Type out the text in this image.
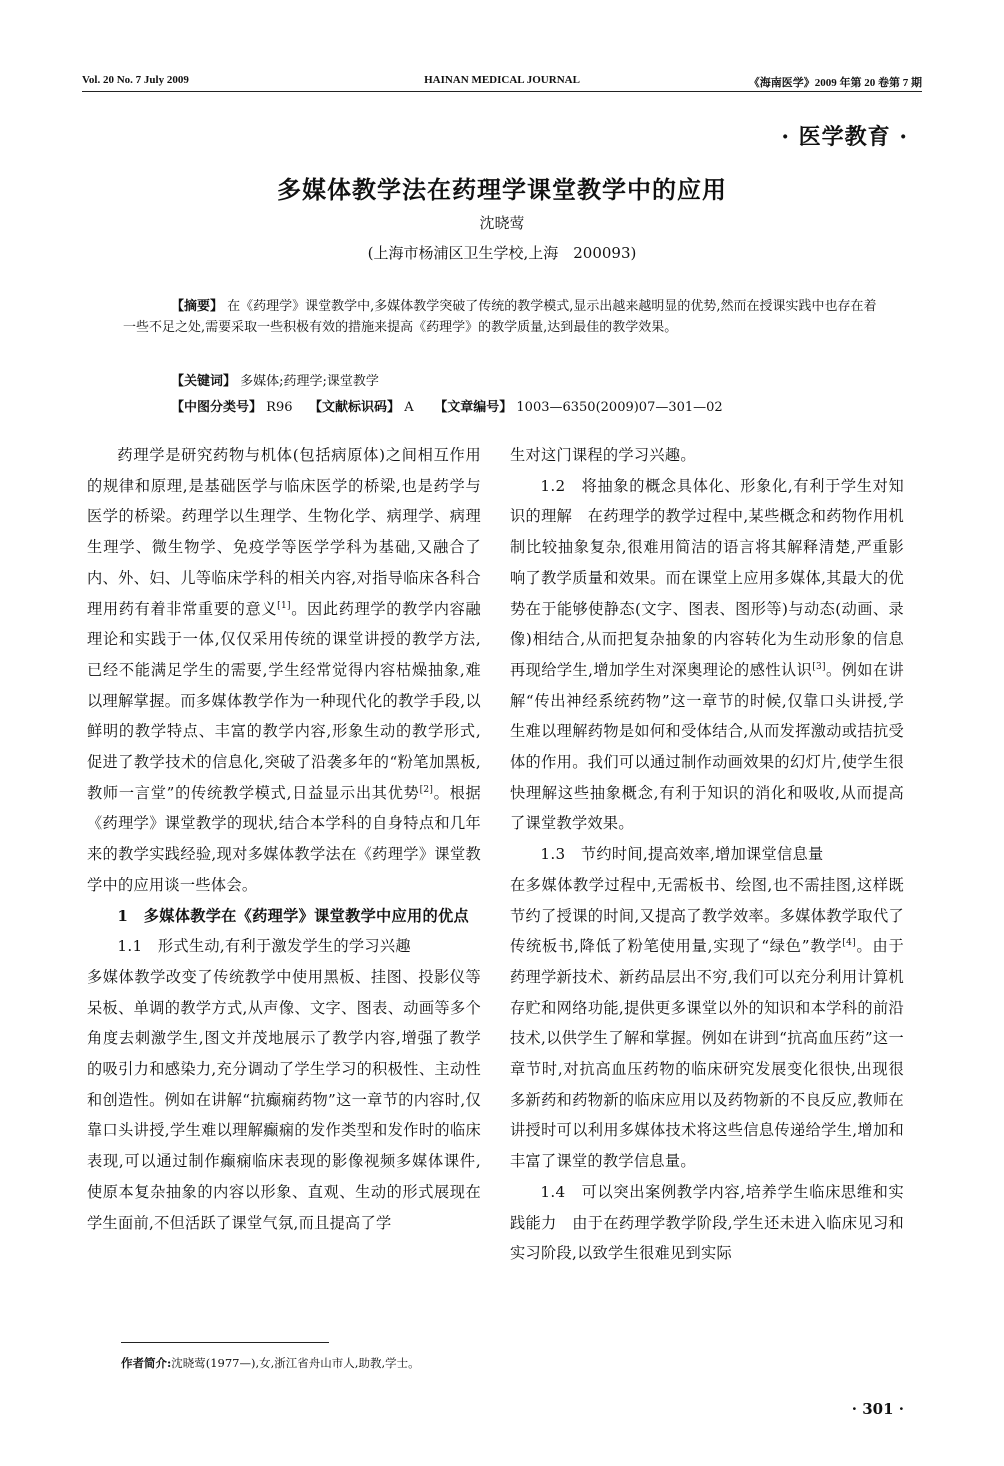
Vol. 20 No. 7 July 2009	HAINAN MEDICAL JOURNAL	《海南医学》2009 年第 20 卷第 7 期
· 医学教育 ·
多媒体教学法在药理学课堂教学中的应用
沈晓莺
(上海市杨浦区卫生学校,上海　200093)
【摘要】 在《药理学》课堂教学中,多媒体教学突破了传统的教学模式,显示出越来越明显的优势,然而在授课实践中也存在着一些不足之处,需要采取一些积极有效的措施来提高《药理学》的教学质量,达到最佳的教学效果。
【关键词】 多媒体;药理学;课堂教学
【中图分类号】 R96 【文献标识码】 A 【文章编号】 1003—6350(2009)07—301—02

药理学是研究药物与机体(包括病原体)之间相互作用的规律和原理,是基础医学与临床医学的桥梁,也是药学与医学的桥梁。药理学以生理学、生物化学、病理学、病理生理学、微生物学、免疫学等医学学科为基础,又融合了内、外、妇、儿等临床学科的相关内容,对指导临床各科合理用药有着非常重要的意义[1]。因此药理学的教学内容融理论和实践于一体,仅仅采用传统的课堂讲授的教学方法,已经不能满足学生的需要,学生经常觉得内容枯燥抽象,难以理解掌握。而多媒体教学作为一种现代化的教学手段,以鲜明的教学特点、丰富的教学内容,形象生动的教学形式,促进了教学技术的信息化,突破了沿袭多年的“粉笔加黑板,教师一言堂”的传统教学模式,日益显示出其优势[2]。根据《药理学》课堂教学的现状,结合本学科的自身特点和几年来的教学实践经验,现对多媒体教学法在《药理学》课堂教学中的应用谈一些体会。

1　多媒体教学在《药理学》课堂教学中应用的优点

1.1　形式生动,有利于激发学生的学习兴趣

多媒体教学改变了传统教学中使用黑板、挂图、投影仪等呆板、单调的教学方式,从声像、文字、图表、动画等多个角度去刺激学生,图文并茂地展示了教学内容,增强了教学的吸引力和感染力,充分调动了学生学习的积极性、主动性和创造性。例如在讲解“抗癫痫药物”这一章节的内容时,仅靠口头讲授,学生难以理解癫痫的发作类型和发作时的临床表现,可以通过制作癫痫临床表现的影像视频多媒体课件,使原本复杂抽象的内容以形象、直观、生动的形式展现在学生面前,不但活跃了课堂气氛,而且提高了学

生对这门课程的学习兴趣。

1.2　将抽象的概念具体化、形象化,有利于学生对知识的理解　 在药理学的教学过程中,某些概念和药物作用机制比较抽象复杂,很难用简洁的语言将其解释清楚,严重影响了教学质量和效果。而在课堂上应用多媒体,其最大的优势在于能够使静态(文字、图表、图形等)与动态(动画、录像)相结合,从而把复杂抽象的内容转化为生动形象的信息再现给学生,增加学生对深奥理论的感性认识[3]。例如在讲解“传出神经系统药物”这一章节的时候,仅靠口头讲授,学生难以理解药物是如何和受体结合,从而发挥激动或拮抗受体的作用。我们可以通过制作动画效果的幻灯片,使学生很快理解这些抽象概念,有利于知识的消化和吸收,从而提高了课堂教学效果。

1.3　节约时间,提高效率,增加课堂信息量

在多媒体教学过程中,无需板书、绘图,也不需挂图,这样既节约了授课的时间,又提高了教学效率。多媒体教学取代了传统板书,降低了粉笔使用量,实现了“绿色”教学[4]。由于药理学新技术、新药品层出不穷,我们可以充分利用计算机存贮和网络功能,提供更多课堂以外的知识和本学科的前沿技术,以供学生了解和掌握。例如在讲到“抗高血压药”这一章节时,对抗高血压药物的临床研究发展变化很快,出现很多新药和药物新的临床应用以及药物新的不良反应,教师在讲授时可以利用多媒体技术将这些信息传递给学生,增加和丰富了课堂的教学信息量。

1.4　可以突出案例教学内容,培养学生临床思维和实践能力　 由于在药理学教学阶段,学生还未进入临床见习和实习阶段,以致学生很难见到实际

作者简介:沈晓莺(1977—),女,浙江省舟山市人,助教,学士。
· 301 ·
